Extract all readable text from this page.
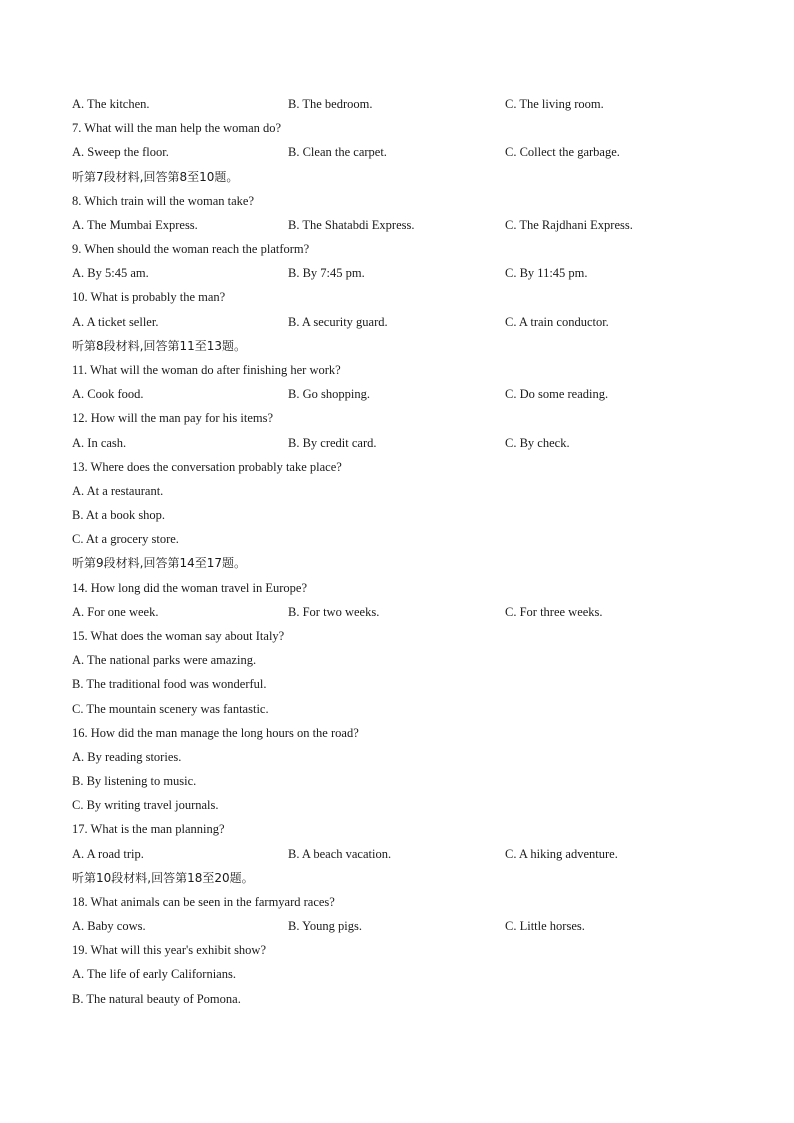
A. The kitchen.	B. The bedroom.	C. The living room.
7. What will the man help the woman do?
A. Sweep the floor.	B. Clean the carpet.	C. Collect the garbage.
听第7段材料,回答第8至10题。
8. Which train will the woman take?
A. The Mumbai Express.	B. The Shatabdi Express.	C. The Rajdhani Express.
9. When should the woman reach the platform?
A. By 5:45 am.	B. By 7:45 pm.	C. By 11:45 pm.
10. What is probably the man?
A. A ticket seller.	B. A security guard.	C. A train conductor.
听第8段材料,回答第11至13题。
11. What will the woman do after finishing her work?
A. Cook food.	B. Go shopping.	C. Do some reading.
12. How will the man pay for his items?
A. In cash.	B. By credit card.	C. By check.
13. Where does the conversation probably take place?
A. At a restaurant.
B. At a book shop.
C. At a grocery store.
听第9段材料,回答第14至17题。
14. How long did the woman travel in Europe?
A. For one week.	B. For two weeks.	C. For three weeks.
15. What does the woman say about Italy?
A. The national parks were amazing.
B. The traditional food was wonderful.
C. The mountain scenery was fantastic.
16. How did the man manage the long hours on the road?
A. By reading stories.
B. By listening to music.
C. By writing travel journals.
17. What is the man planning?
A. A road trip.	B. A beach vacation.	C. A hiking adventure.
听第10段材料,回答第18至20题。
18. What animals can be seen in the farmyard races?
A. Baby cows.	B. Young pigs.	C. Little horses.
19. What will this year's exhibit show?
A. The life of early Californians.
B. The natural beauty of Pomona.
